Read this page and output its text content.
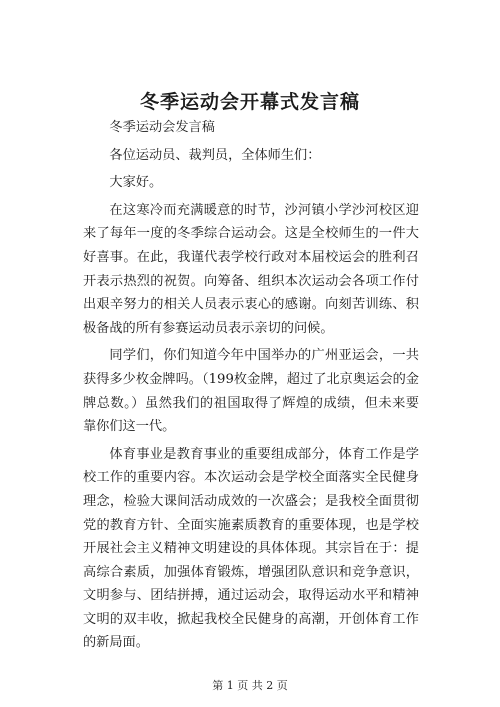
冬季运动会开幕式发言稿

冬季运动会发言稿

各位运动员、裁判员，全体师生们：

大家好。

在这寒冷而充满暖意的时节，沙河镇小学沙河校区迎来了每年一度的冬季综合运动会。这是全校师生的一件大好喜事。在此，我谨代表学校行政对本届校运会的胜利召开表示热烈的祝贺。向筹备、组织本次运动会各项工作付出艰辛努力的相关人员表示衷心的感谢。向刻苦训练、积极备战的所有参赛运动员表示亲切的问候。

同学们，你们知道今年中国举办的广州亚运会，一共获得多少枚金牌吗。（199枚金牌，超过了北京奥运会的金牌总数。）虽然我们的祖国取得了辉煌的成绩，但未来要靠你们这一代。

体育事业是教育事业的重要组成部分，体育工作是学校工作的重要内容。本次运动会是学校全面落实全民健身理念，检验大课间活动成效的一次盛会；是我校全面贯彻党的教育方针、全面实施素质教育的重要体现，也是学校开展社会主义精神文明建设的具体体现。其宗旨在于：提高综合素质，加强体育锻炼，增强团队意识和竞争意识，文明参与、团结拼搏，通过运动会，取得运动水平和精神文明的双丰收，掀起我校全民健身的高潮，开创体育工作的新局面。

第 1 页 共 2 页
